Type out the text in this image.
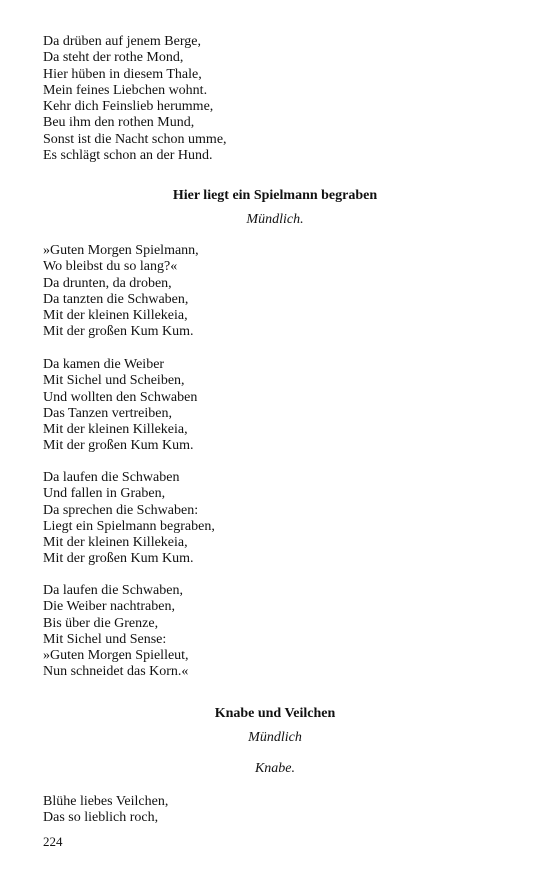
Da drüben auf jenem Berge,
Da steht der rothe Mond,
Hier hüben in diesem Thale,
Mein feines Liebchen wohnt.
Kehr dich Feinslieb herumme,
Beu ihm den rothen Mund,
Sonst ist die Nacht schon umme,
Es schlägt schon an der Hund.
Hier liegt ein Spielmann begraben
Mündlich.
»Guten Morgen Spielmann,
Wo bleibst du so lang?«
Da drunten, da droben,
Da tanzten die Schwaben,
Mit der kleinen Killekeia,
Mit der großen Kum Kum.
Da kamen die Weiber
Mit Sichel und Scheiben,
Und wollten den Schwaben
Das Tanzen vertreiben,
Mit der kleinen Killekeia,
Mit der großen Kum Kum.
Da laufen die Schwaben
Und fallen in Graben,
Da sprechen die Schwaben:
Liegt ein Spielmann begraben,
Mit der kleinen Killekeia,
Mit der großen Kum Kum.
Da laufen die Schwaben,
Die Weiber nachtraben,
Bis über die Grenze,
Mit Sichel und Sense:
»Guten Morgen Spielleut,
Nun schneidet das Korn.«
Knabe und Veilchen
Mündlich
Knabe.
Blühe liebes Veilchen,
Das so lieblich roch,
224
